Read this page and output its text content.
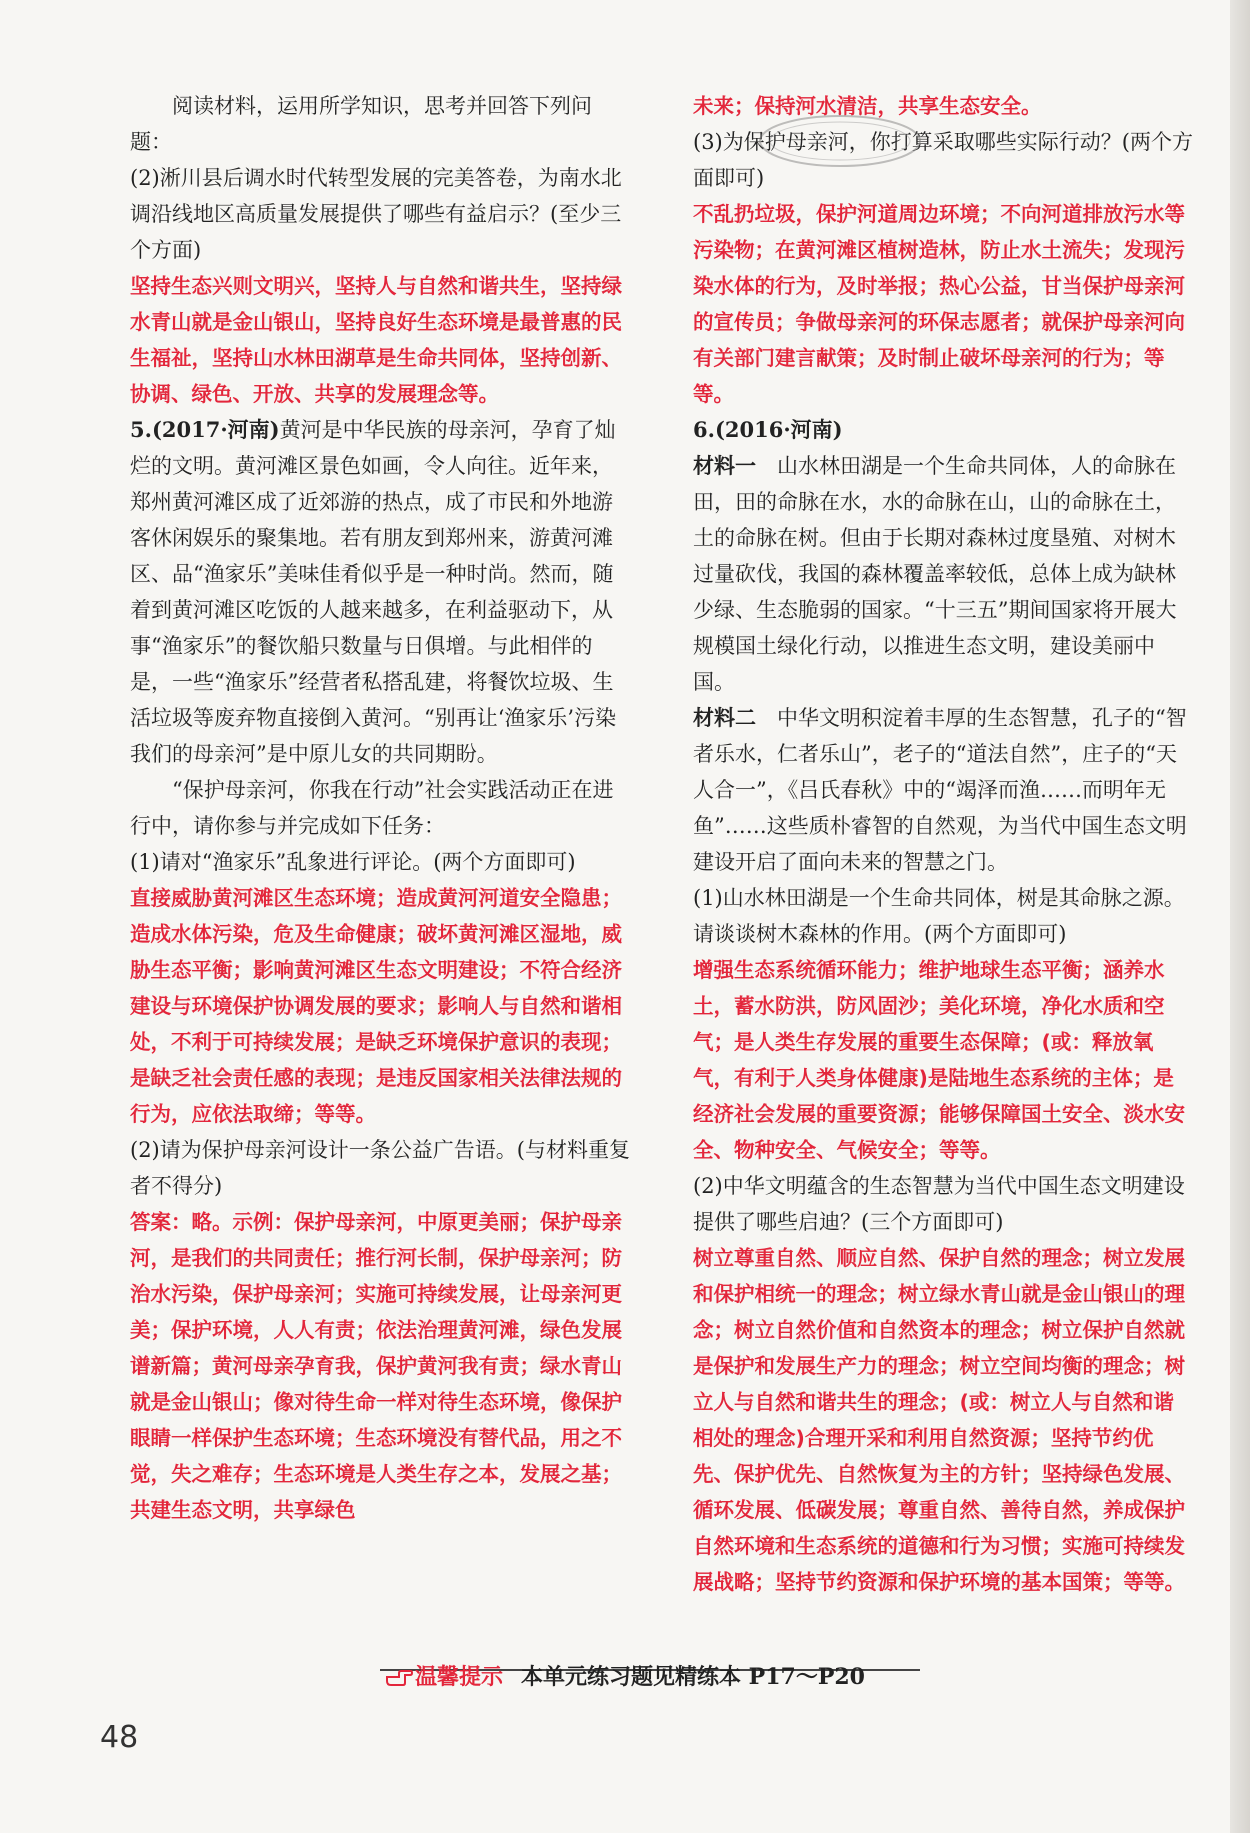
阅读材料，运用所学知识，思考并回答下列问题：

(2)淅川县后调水时代转型发展的完美答卷，为南水北调沿线地区高质量发展提供了哪些有益启示？(至少三个方面)

坚持生态兴则文明兴，坚持人与自然和谐共生，坚持绿水青山就是金山银山，坚持良好生态环境是最普惠的民生福祉，坚持山水林田湖草是生命共同体，坚持创新、协调、绿色、开放、共享的发展理念等。

5.(2017·河南)黄河是中华民族的母亲河，孕育了灿烂的文明。黄河滩区景色如画，令人向往。近年来，郑州黄河滩区成了近郊游的热点，成了市民和外地游客休闲娱乐的聚集地。若有朋友到郑州来，游黄河滩区、品“渔家乐”美味佳肴似乎是一种时尚。然而，随着到黄河滩区吃饭的人越来越多，在利益驱动下，从事“渔家乐”的餐饮船只数量与日俱增。与此相伴的是，一些“渔家乐”经营者私搭乱建，将餐饮垃圾、生活垃圾等废弃物直接倒入黄河。“别再让‘渔家乐’污染我们的母亲河”是中原儿女的共同期盼。

“保护母亲河，你我在行动”社会实践活动正在进行中，请你参与并完成如下任务：

(1)请对“渔家乐”乱象进行评论。(两个方面即可)

直接威胁黄河滩区生态环境；造成黄河河道安全隐患；造成水体污染，危及生命健康；破坏黄河滩区湿地，威胁生态平衡；影响黄河滩区生态文明建设；不符合经济建设与环境保护协调发展的要求；影响人与自然和谐相处，不利于可持续发展；是缺乏环境保护意识的表现；是缺乏社会责任感的表现；是违反国家相关法律法规的行为，应依法取缔；等等。

(2)请为保护母亲河设计一条公益广告语。(与材料重复者不得分)

答案：略。示例：保护母亲河，中原更美丽；保护母亲河，是我们的共同责任；推行河长制，保护母亲河；防治水污染，保护母亲河；实施可持续发展，让母亲河更美；保护环境，人人有责；依法治理黄河滩，绿色发展谱新篇；黄河母亲孕育我，保护黄河我有责；绿水青山就是金山银山；像对待生命一样对待生态环境，像保护眼睛一样保护生态环境；生态环境没有替代品，用之不觉，失之难存；生态环境是人类生存之本，发展之基；共建生态文明，共享绿色

未来；保持河水清洁，共享生态安全。

(3)为保护母亲河，你打算采取哪些实际行动？(两个方面即可)

不乱扔垃圾，保护河道周边环境；不向河道排放污水等污染物；在黄河滩区植树造林，防止水土流失；发现污染水体的行为，及时举报；热心公益，甘当保护母亲河的宣传员；争做母亲河的环保志愿者；就保护母亲河向有关部门建言献策；及时制止破坏母亲河的行为；等等。

6.(2016·河南)

材料一　 山水林田湖是一个生命共同体，人的命脉在田，田的命脉在水，水的命脉在山，山的命脉在土，土的命脉在树。但由于长期对森林过度垦殖、对树木过量砍伐，我国的森林覆盖率较低，总体上成为缺林少绿、生态脆弱的国家。“十三五”期间国家将开展大规模国土绿化行动，以推进生态文明，建设美丽中国。

材料二　 中华文明积淀着丰厚的生态智慧，孔子的“智者乐水，仁者乐山”，老子的“道法自然”，庄子的“天人合一”，《吕氏春秋》中的“竭泽而渔……而明年无鱼”……这些质朴睿智的自然观，为当代中国生态文明建设开启了面向未来的智慧之门。

(1)山水林田湖是一个生命共同体，树是其命脉之源。请谈谈树木森林的作用。(两个方面即可)

增强生态系统循环能力；维护地球生态平衡；涵养水土，蓄水防洪，防风固沙；美化环境，净化水质和空气；是人类生存发展的重要生态保障；(或：释放氧气，有利于人类身体健康)是陆地生态系统的主体；是经济社会发展的重要资源；能够保障国土安全、淡水安全、物种安全、气候安全；等等。

(2)中华文明蕴含的生态智慧为当代中国生态文明建设提供了哪些启迪？(三个方面即可)

树立尊重自然、顺应自然、保护自然的理念；树立发展和保护相统一的理念；树立绿水青山就是金山银山的理念；树立自然价值和自然资本的理念；树立保护自然就是保护和发展生产力的理念；树立空间均衡的理念；树立人与自然和谐共生的理念；(或：树立人与自然和谐相处的理念)合理开采和利用自然资源；坚持节约优先、保护优先、自然恢复为主的方针；坚持绿色发展、循环发展、低碳发展；尊重自然、善待自然，养成保护自然环境和生态系统的道德和行为习惯；实施可持续发展战略；坚持节约资源和保护环境的基本国策；等等。

温馨提示 本单元练习题见精练本 P17～P20
48
